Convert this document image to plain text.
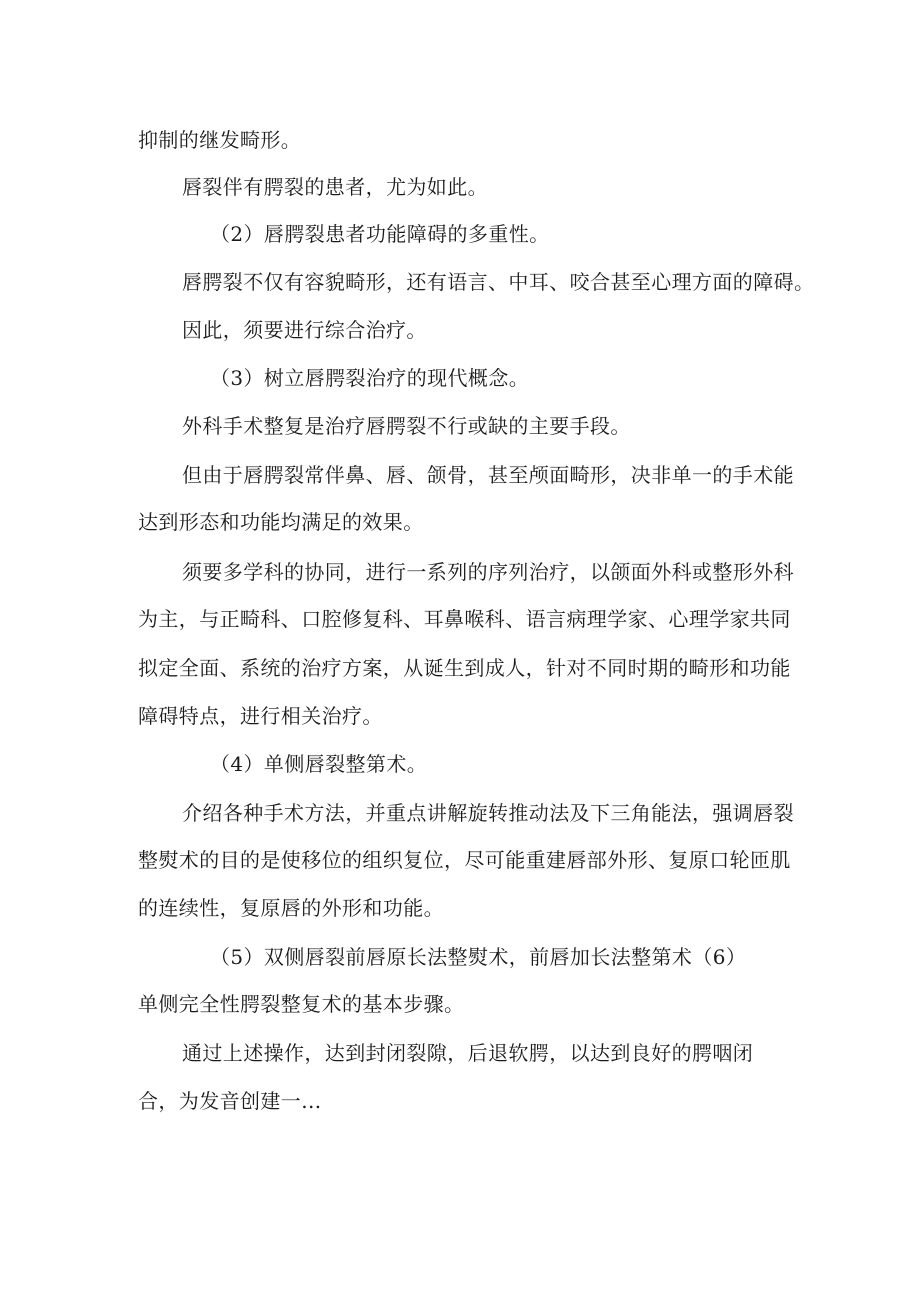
抑制的继发畸形。
唇裂伴有腭裂的患者，尤为如此。
（2）唇腭裂患者功能障碍的多重性。
唇腭裂不仅有容貌畸形，还有语言、中耳、咬合甚至心理方面的障碍。
因此，须要进行综合治疗。
（3）树立唇腭裂治疗的现代概念。
外科手术整复是治疗唇腭裂不行或缺的主要手段。
但由于唇腭裂常伴鼻、唇、颌骨，甚至颅面畸形，决非单一的手术能
达到形态和功能均满足的效果。
须要多学科的协同，进行一系列的序列治疗，以颌面外科或整形外科
为主，与正畸科、口腔修复科、耳鼻喉科、语言病理学家、心理学家共同
拟定全面、系统的治疗方案，从诞生到成人，针对不同时期的畸形和功能
障碍特点，进行相关治疗。
（4）单侧唇裂整第术。
介绍各种手术方法，并重点讲解旋转推动法及下三角能法，强调唇裂
整熨术的目的是使移位的组织复位，尽可能重建唇部外形、复原口轮匝肌
的连续性，复原唇的外形和功能。
（5）双侧唇裂前唇原长法整熨术，前唇加长法整第术（6）
单侧完全性腭裂整复术的基本步骤。
通过上述操作，达到封闭裂隙，后退软腭，以达到良好的腭咽闭
合，为发音创建一...
